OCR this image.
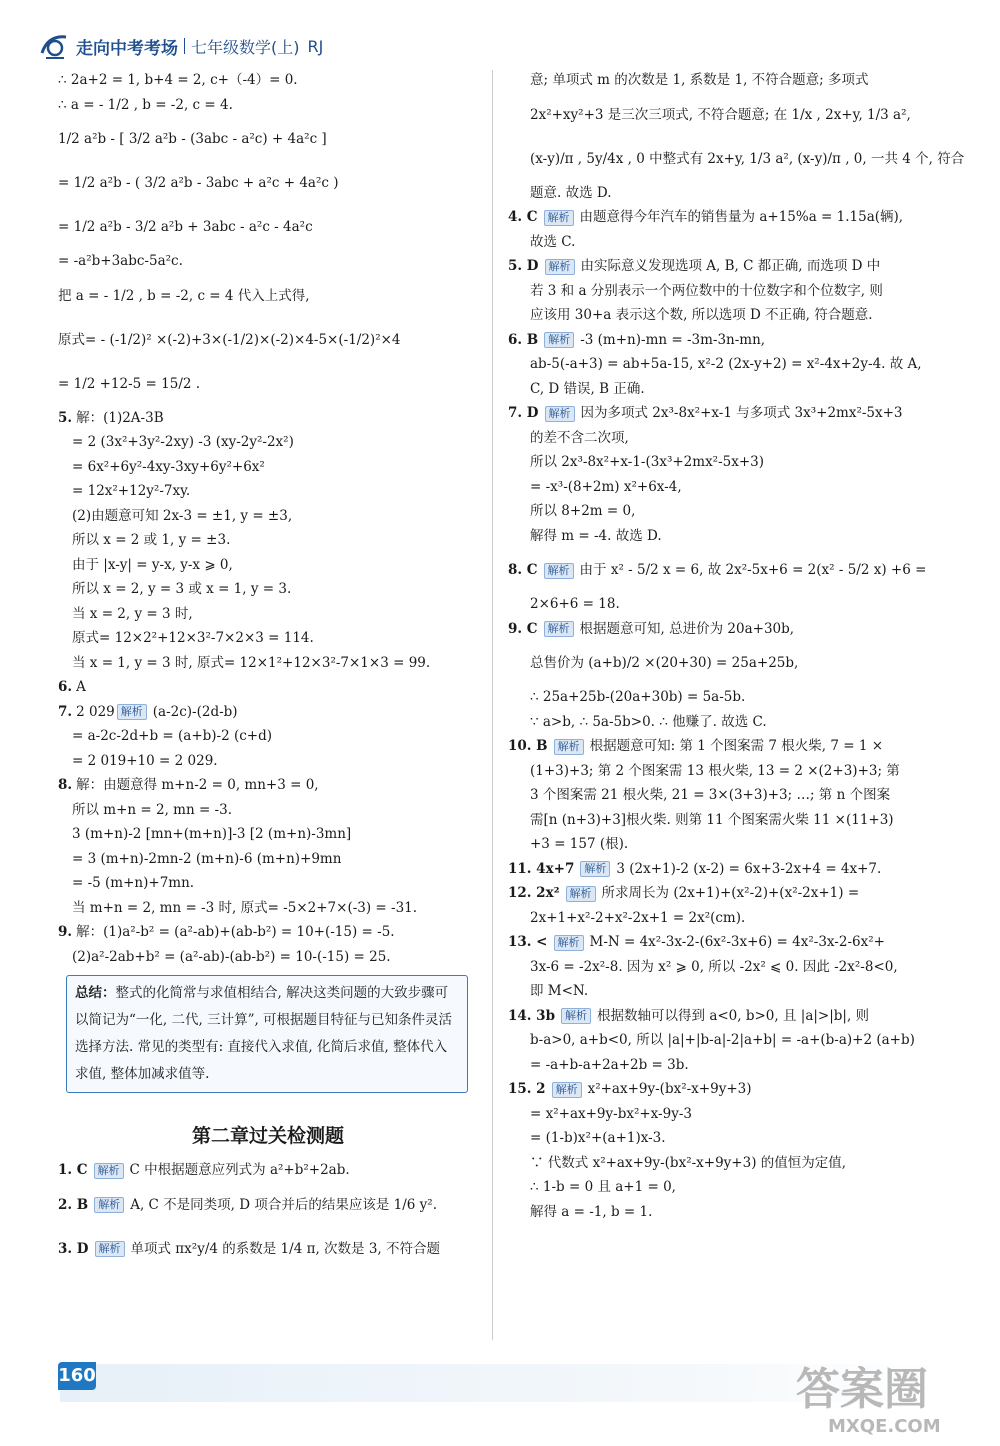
走向中考考场 七年级数学(上) RJ
∴ 2a+2 = 1, b+4 = 2, c+（-4）= 0.
∴ a = - 1/2 , b = -2, c = 4.
1/2 a²b - [ 3/2 a²b - (3abc - a²c) + 4a²c ]
= 1/2 a²b - ( 3/2 a²b - 3abc + a²c + 4a²c )
= 1/2 a²b - 3/2 a²b + 3abc - a²c - 4a²c
= -a²b+3abc-5a²c.
把 a = - 1/2 , b = -2, c = 4 代入上式得,
原式= - (-1/2)² ×(-2)+3×(-1/2)×(-2)×4-5×(-1/2)²×4
= 1/2 +12-5 = 15/2 .
5. 解：(1)2A-3B
= 2 (3x²+3y²-2xy) -3 (xy-2y²-2x²)
= 6x²+6y²-4xy-3xy+6y²+6x²
= 12x²+12y²-7xy.
(2)由题意可知 2x-3 = ±1, y = ±3,
所以 x = 2 或 1, y = ±3.
由于 |x-y| = y-x, y-x ⩾ 0,
所以 x = 2, y = 3 或 x = 1, y = 3.
当 x = 2, y = 3 时,
原式= 12×2²+12×3²-7×2×3 = 114.
当 x = 1, y = 3 时, 原式= 12×1²+12×3²-7×1×3 = 99.
6. A
7. 2 029 解析 (a-2c)-(2d-b)
= a-2c-2d+b = (a+b)-2 (c+d)
= 2 019+10 = 2 029.
8. 解：由题意得 m+n-2 = 0, mn+3 = 0,
所以 m+n = 2, mn = -3.
3 (m+n)-2 [mn+(m+n)]-3 [2 (m+n)-3mn]
= 3 (m+n)-2mn-2 (m+n)-6 (m+n)+9mn
= -5 (m+n)+7mn.
当 m+n = 2, mn = -3 时, 原式= -5×2+7×(-3) = -31.
9. 解：(1)a²-b² = (a²-ab)+(ab-b²) = 10+(-15) = -5.
(2)a²-2ab+b² = (a²-ab)-(ab-b²) = 10-(-15) = 25.
总结：整式的化简常与求值相结合, 解决这类问题的大致步骤可以简记为“一化, 二代, 三计算”, 可根据题目特征与已知条件灵活选择方法. 常见的类型有: 直接代入求值, 化简后求值, 整体代入求值, 整体加减求值等.
第二章过关检测题
1. C 解析 C 中根据题意应列式为 a²+b²+2ab.
2. B 解析 A, C 不是同类项, D 项合并后的结果应该是 1/6 y².
3. D 解析 单项式 πx²y/4 的系数是 1/4 π, 次数是 3, 不符合题
意; 单项式 m 的次数是 1, 系数是 1, 不符合题意; 多项式
2x²+xy²+3 是三次三项式, 不符合题意; 在 1/x , 2x+y, 1/3 a²,
(x-y)/π , 5y/4x , 0 中整式有 2x+y, 1/3 a², (x-y)/π , 0, 一共 4 个, 符合
题意. 故选 D.
4. C 解析 由题意得今年汽车的销售量为 a+15%a = 1.15a(辆),
故选 C.
5. D 解析 由实际意义发现选项 A, B, C 都正确, 而选项 D 中
若 3 和 a 分别表示一个两位数中的十位数字和个位数字, 则
应该用 30+a 表示这个数, 所以选项 D 不正确, 符合题意.
6. B 解析 -3 (m+n)-mn = -3m-3n-mn,
ab-5(-a+3) = ab+5a-15, x²-2 (2x-y+2) = x²-4x+2y-4. 故 A,
C, D 错误, B 正确.
7. D 解析 因为多项式 2x³-8x²+x-1 与多项式 3x³+2mx²-5x+3
的差不含二次项,
所以 2x³-8x²+x-1-(3x³+2mx²-5x+3)
= -x³-(8+2m) x²+6x-4,
所以 8+2m = 0,
解得 m = -4. 故选 D.
8. C 解析 由于 x² - 5/2 x = 6, 故 2x²-5x+6 = 2(x² - 5/2 x) +6 =
2×6+6 = 18.
9. C 解析 根据题意可知, 总进价为 20a+30b,
总售价为 (a+b)/2 ×(20+30) = 25a+25b,
∴ 25a+25b-(20a+30b) = 5a-5b.
∵ a>b, ∴ 5a-5b>0. ∴ 他赚了. 故选 C.
10. B 解析 根据题意可知: 第 1 个图案需 7 根火柴, 7 = 1 ×
(1+3)+3; 第 2 个图案需 13 根火柴, 13 = 2 ×(2+3)+3; 第
3 个图案需 21 根火柴, 21 = 3×(3+3)+3; …; 第 n 个图案
需[n (n+3)+3]根火柴. 则第 11 个图案需火柴 11 ×(11+3)
+3 = 157 (根).
11. 4x+7 解析 3 (2x+1)-2 (x-2) = 6x+3-2x+4 = 4x+7.
12. 2x² 解析 所求周长为 (2x+1)+(x²-2)+(x²-2x+1) =
2x+1+x²-2+x²-2x+1 = 2x²(cm).
13. < 解析 M-N = 4x²-3x-2-(6x²-3x+6) = 4x²-3x-2-6x²+
3x-6 = -2x²-8. 因为 x² ⩾ 0, 所以 -2x² ⩽ 0. 因此 -2x²-8<0,
即 M<N.
14. 3b 解析 根据数轴可以得到 a<0, b>0, 且 |a|>|b|, 则
b-a>0, a+b<0, 所以 |a|+|b-a|-2|a+b| = -a+(b-a)+2 (a+b)
= -a+b-a+2a+2b = 3b.
15. 2 解析 x²+ax+9y-(bx²-x+9y+3)
= x²+ax+9y-bx²+x-9y-3
= (1-b)x²+(a+1)x-3.
∵ 代数式 x²+ax+9y-(bx²-x+9y+3) 的值恒为定值,
∴ 1-b = 0 且 a+1 = 0,
解得 a = -1, b = 1.
160	答案圈
MXQE.COM
